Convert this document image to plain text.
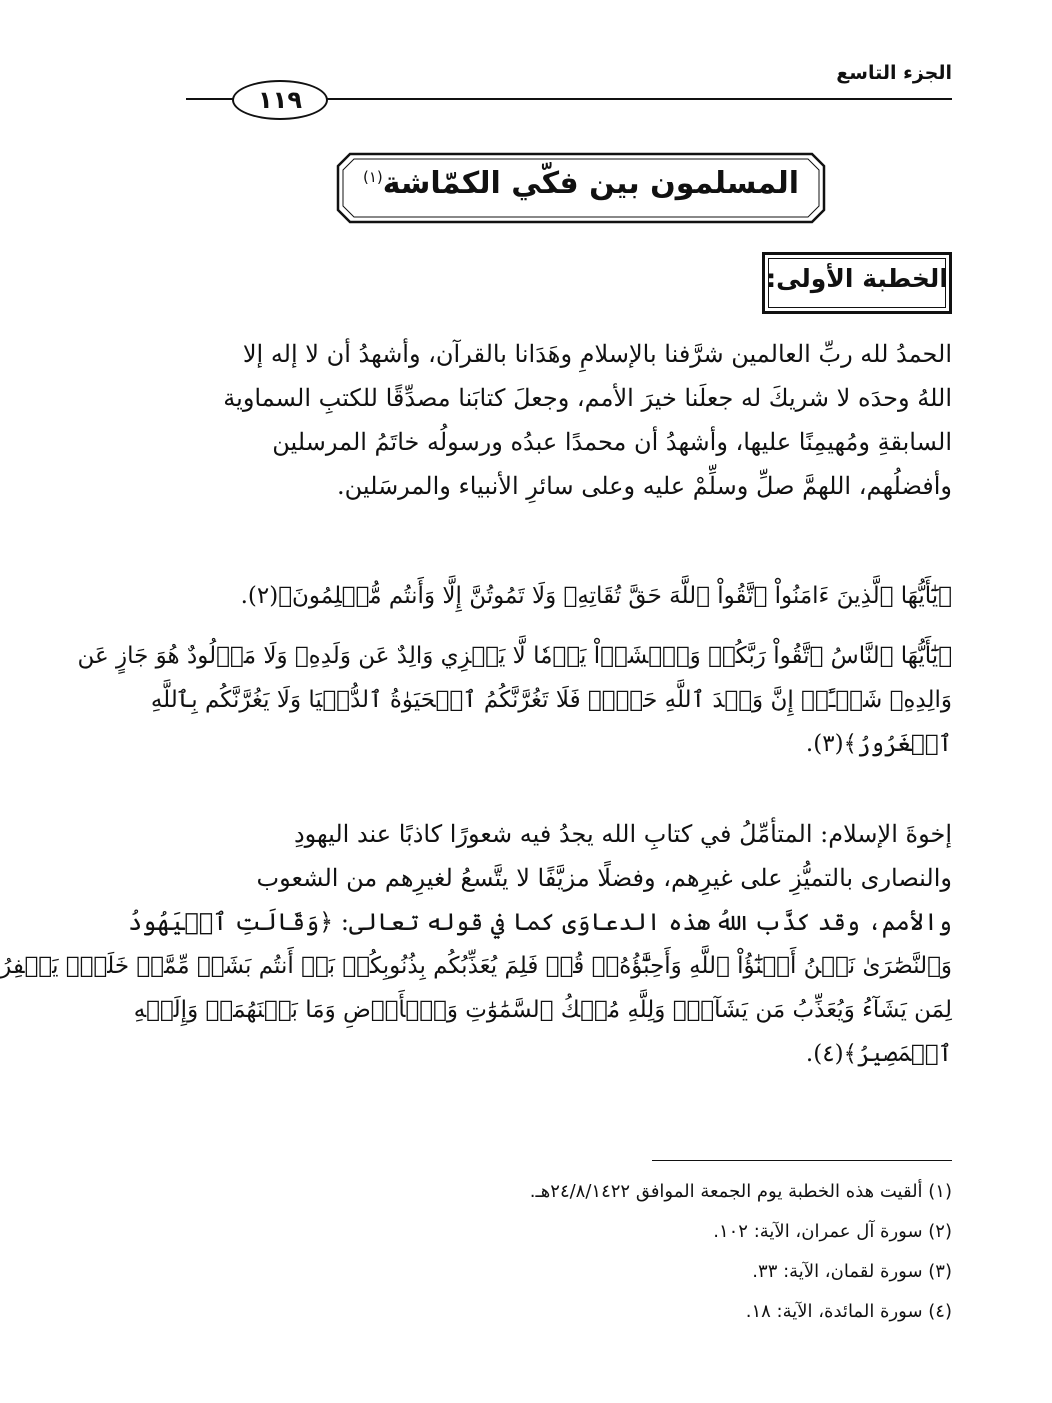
الجزء التاسع
١١٩
المسلمون بين فكّي الكمّاشة$^{(١)}$
الخطبة الأولى:
الحمدُ لله ربِّ العالمين شرَّفنا بالإسلامِ وهَدَانا بالقرآن، وأشهدُ أن لا إله إلا
اللهُ وحدَه لا شريكَ له جعلَنا خيرَ الأمم، وجعلَ كتابَنا مصدِّقًا للكتبِ السماوية
السابقةِ ومُهيمِنًا عليها، وأشهدُ أن محمدًا عبدُه ورسولُه خاتَمُ المرسلين
وأفضلُهم، اللهمَّ صلِّ وسلِّمْ عليه وعلى سائرِ الأنبياء والمرسَلين.
﴿يَٰٓأَيُّهَا ٱلَّذِينَ ءَامَنُواْ ٱتَّقُواْ ٱللَّهَ حَقَّ تُقَاتِهِۦ وَلَا تَمُوتُنَّ إِلَّا وَأَنتُم مُّسۡلِمُونَ﴾(٢).
﴿يَٰٓأَيُّهَا ٱلنَّاسُ ٱتَّقُواْ رَبَّكُمۡ وَٱخۡشَوۡاْ يَوۡمٗا لَّا يَجۡزِي وَالِدٌ عَن وَلَدِهِۦ وَلَا مَوۡلُودٌ هُوَ جَازٍ عَن
وَالِدِهِۦ شَيۡـًٔاۚ إِنَّ وَعۡدَ ٱللَّهِ حَقّٞۖ فَلَا تَغُرَّنَّكُمُ ٱلۡحَيَوٰةُ ٱلدُّنۡيَا وَلَا يَغُرَّنَّكُم بِٱللَّهِ
ٱلۡغَرُورُ﴾(٣).
إخوةَ الإسلام: المتأمِّلُ في كتابِ الله يجدُ فيه شعورًا كاذبًا عند اليهودِ
والنصارى بالتميُّزِ على غيرِهم، وفضلًا مزيَّفًا لا يتَّسعُ لغيرِهم من الشعوب
والأمم، وقد كذَّب اللهُ هذه الدعاوَى كما في قوله تعالى: ﴿وَقَالَتِ ٱلۡيَهُودُ
وَٱلنَّصَٰرَىٰ نَحۡنُ أَبۡنَٰٓؤُاْ ٱللَّهِ وَأَحِبَّٰٓؤُهُۥۚ قُلۡ فَلِمَ يُعَذِّبُكُم بِذُنُوبِكُمۖ بَلۡ أَنتُم بَشَرٞ مِّمَّنۡ خَلَقَۚ يَغۡفِرُ
لِمَن يَشَآءُ وَيُعَذِّبُ مَن يَشَآءُۚ وَلِلَّهِ مُلۡكُ ٱلسَّمَٰوَٰتِ وَٱلۡأَرۡضِ وَمَا بَيۡنَهُمَاۖ وَإِلَيۡهِ
ٱلۡمَصِيرُ﴾(٤).
(١) ألقيت هذه الخطبة يوم الجمعة الموافق ٢٤/٨/١٤٢٢هـ.
(٢) سورة آل عمران، الآية: ١٠٢.
(٣) سورة لقمان، الآية: ٣٣.
(٤) سورة المائدة، الآية: ١٨.
